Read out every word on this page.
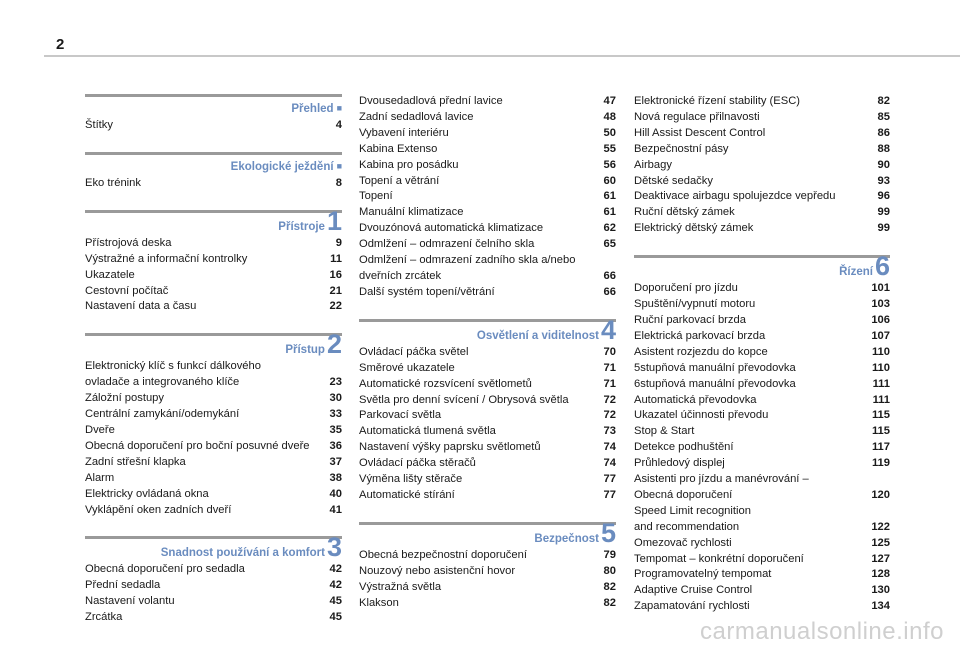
2
Přehled ■
Štítky	4
Ekologické ježdění ■
Eko trénink	8
Přístroje 1
Přístrojová deska	9
Výstražné a informační kontrolky	11
Ukazatele	16
Cestovní počítač	21
Nastavení data a času	22
Přístup 2
Elektronický klíč s funkcí dálkového
ovladače a integrovaného klíče	23
Záložní postupy	30
Centrální zamykání/odemykání	33
Dveře	35
Obecná doporučení pro boční posuvné dveře	36
Zadní střešní klapka	37
Alarm	38
Elektricky ovládaná okna	40
Vyklápění oken zadních dveří	41
Snadnost používání a komfort 3
Obecná doporučení pro sedadla	42
Přední sedadla	42
Nastavení volantu	45
Zrcátka	45
Dvousedadlová přední lavice	47
Zadní sedadlová lavice	48
Vybavení interiéru	50
Kabina Extenso	55
Kabina pro posádku	56
Topení a větrání	60
Topení	61
Manuální klimatizace	61
Dvouzónová automatická klimatizace	62
Odmlžení – odmrazení čelního skla	65
Odmlžení – odmrazení zadního skla a/nebo
dveřních zrcátek	66
Další systém topení/větrání	66
Osvětlení a viditelnost 4
Ovládací páčka světel	70
Směrové ukazatele	71
Automatické rozsvícení světlometů	71
Světla pro denní svícení / Obrysová světla	72
Parkovací světla	72
Automatická tlumená světla	73
Nastavení výšky paprsku světlometů	74
Ovládací páčka stěračů	74
Výměna lišty stěrače	77
Automatické stírání	77
Bezpečnost 5
Obecná bezpečnostní doporučení	79
Nouzový nebo asistenční hovor	80
Výstražná světla	82
Klakson	82
Elektronické řízení stability (ESC)	82
Nová regulace přilnavosti	85
Hill Assist Descent Control	86
Bezpečnostní pásy	88
Airbagy	90
Dětské sedačky	93
Deaktivace airbagu spolujezdce vepředu	96
Ruční dětský zámek	99
Elektrický dětský zámek	99
Řízení 6
Doporučení pro jízdu	101
Spuštění/vypnutí motoru	103
Ruční parkovací brzda	106
Elektrická parkovací brzda	107
Asistent rozjezdu do kopce	110
5stupňová manuální převodovka	110
6stupňová manuální převodovka	111
Automatická převodovka	111
Ukazatel účinnosti převodu	115
Stop & Start	115
Detekce podhuštění	117
Průhledový displej	119
Asistenti pro jízdu a manévrování –
Obecná doporučení	120
Speed Limit recognition
and recommendation	122
Omezovač rychlosti	125
Tempomat – konkrétní doporučení	127
Programovatelný tempomat	128
Adaptive Cruise Control	130
Zapamatování rychlosti	134
carmanualsonline.info
